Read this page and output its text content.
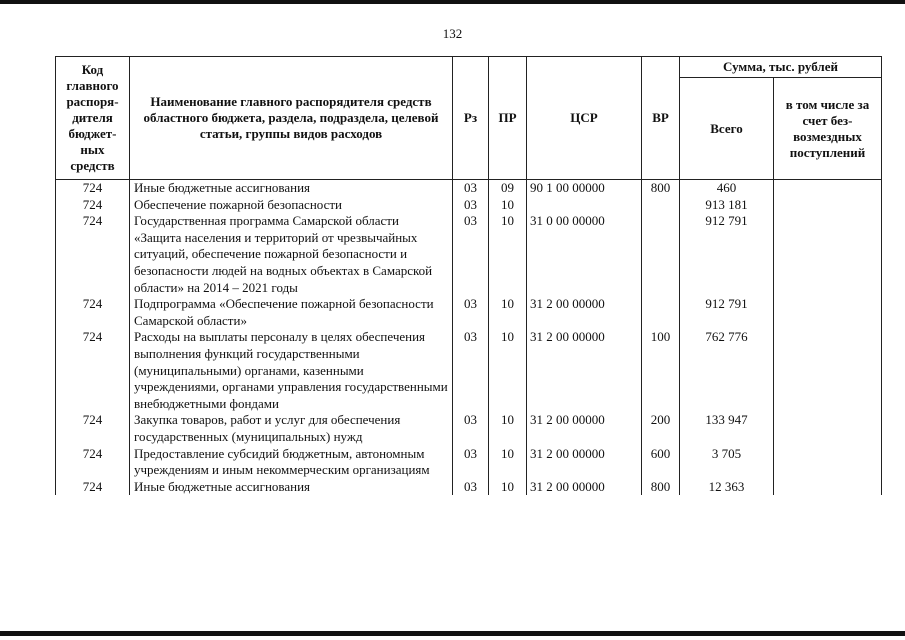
132
Код главного распоря-дителя бюджет-ных средств	Наименование главного распорядителя средств областного бюджета, раздела, подраздела, целевой статьи, группы видов расходов	Рз	ПР	ЦСР	ВР	Сумма, тыс. рублей	
						Всего	в том числе за счет без-возмездных поступлений
724	Иные бюджетные ассигнования	03	09	90 1 00 00000	800	460	
724	Обеспечение пожарной безопасности	03	10			913 181	
724	Государственная программа Самарской области «Защита населения и территорий от чрезвычайных ситуаций, обеспечение пожарной безопасности и безопасности людей на водных объектах в Самарской области» на 2014 – 2021 годы	03	10	31 0 00 00000		912 791	
724	Подпрограмма «Обеспечение пожарной безопасности Самарской области»	03	10	31 2 00 00000		912 791	
724	Расходы на выплаты персоналу в целях обеспечения выполнения функций государственными (муниципальными) органами, казенными учреждениями, органами управления государственными внебюджетными фондами	03	10	31 2 00 00000	100	762 776	
724	Закупка товаров, работ и услуг для обеспечения государственных (муниципальных) нужд	03	10	31 2 00 00000	200	133 947	
724	Предоставление субсидий бюджетным, автономным учреждениям и иным некоммерческим организациям	03	10	31 2 00 00000	600	3 705	
724	Иные бюджетные ассигнования	03	10	31 2 00 00000	800	12 363	
